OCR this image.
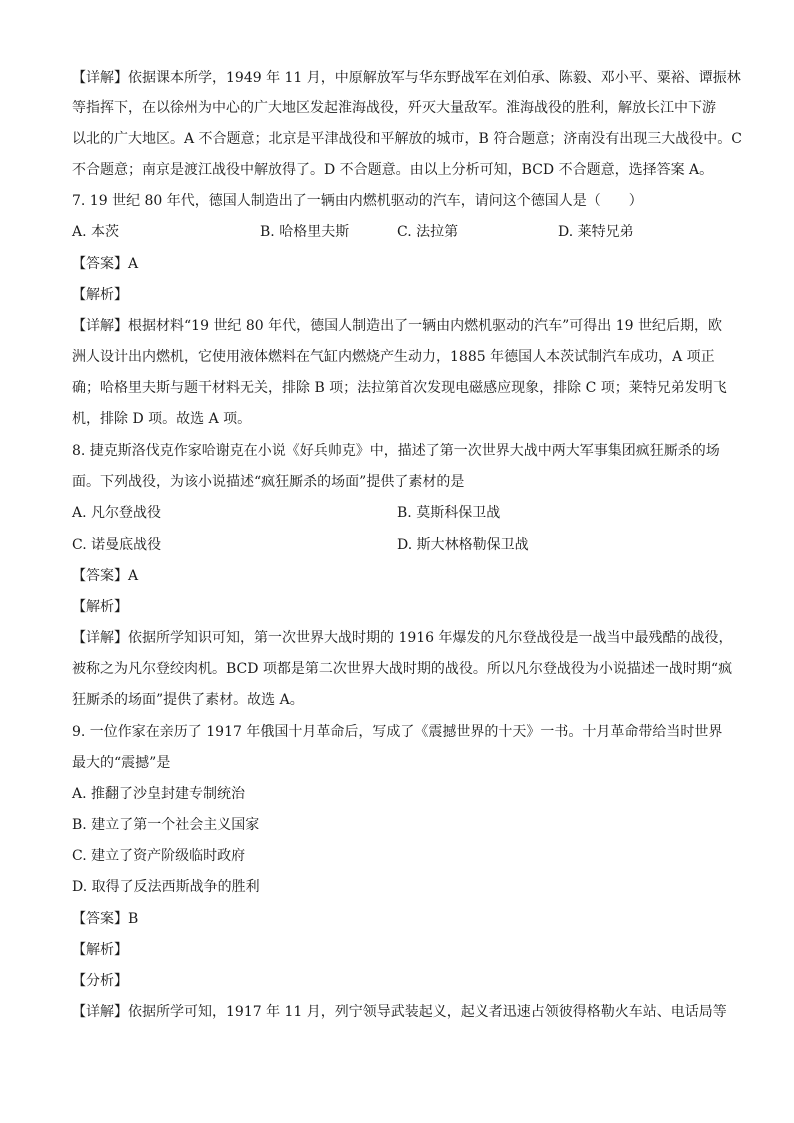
【详解】依据课本所学，1949 年 11 月，中原解放军与华东野战军在刘伯承、陈毅、邓小平、粟裕、谭振林
等指挥下，在以徐州为中心的广大地区发起淮海战役，歼灭大量敌军。淮海战役的胜利，解放长江中下游
以北的广大地区。A 不合题意；北京是平津战役和平解放的城市，B 符合题意；济南没有出现三大战役中。C
不合题意；南京是渡江战役中解放得了。D 不合题意。由以上分析可知，BCD 不合题意，选择答案 A。
7. 19 世纪 80 年代，德国人制造出了一辆由内燃机驱动的汽车，请问这个德国人是（　　）
A. 本茨	B. 哈格里夫斯	C. 法拉第	D. 莱特兄弟
【答案】A
【解析】
【详解】根据材料“19 世纪 80 年代，德国人制造出了一辆由内燃机驱动的汽车”可得出 19 世纪后期，欧
洲人设计出内燃机，它使用液体燃料在气缸内燃烧产生动力，1885 年德国人本茨试制汽车成功，A 项正
确；哈格里夫斯与题干材料无关，排除 B 项；法拉第首次发现电磁感应现象，排除 C 项；莱特兄弟发明飞
机，排除 D 项。故选 A 项。
8. 捷克斯洛伐克作家哈谢克在小说《好兵帅克》中，描述了第一次世界大战中两大军事集团疯狂厮杀的场
面。下列战役，为该小说描述“疯狂厮杀的场面”提供了素材的是
A. 凡尔登战役	B. 莫斯科保卫战
C. 诺曼底战役	D. 斯大林格勒保卫战
【答案】A
【解析】
【详解】依据所学知识可知，第一次世界大战时期的 1916 年爆发的凡尔登战役是一战当中最残酷的战役，
被称之为凡尔登绞肉机。BCD 项都是第二次世界大战时期的战役。所以凡尔登战役为小说描述一战时期“疯
狂厮杀的场面”提供了素材。故选 A。
9. 一位作家在亲历了 1917 年俄国十月革命后，写成了《震撼世界的十天》一书。十月革命带给当时世界
最大的“震撼”是
A. 推翻了沙皇封建专制统治
B. 建立了第一个社会主义国家
C. 建立了资产阶级临时政府
D. 取得了反法西斯战争的胜利
【答案】B
【解析】
【分析】
【详解】依据所学可知，1917 年 11 月，列宁领导武装起义，起义者迅速占领彼得格勒火车站、电话局等
